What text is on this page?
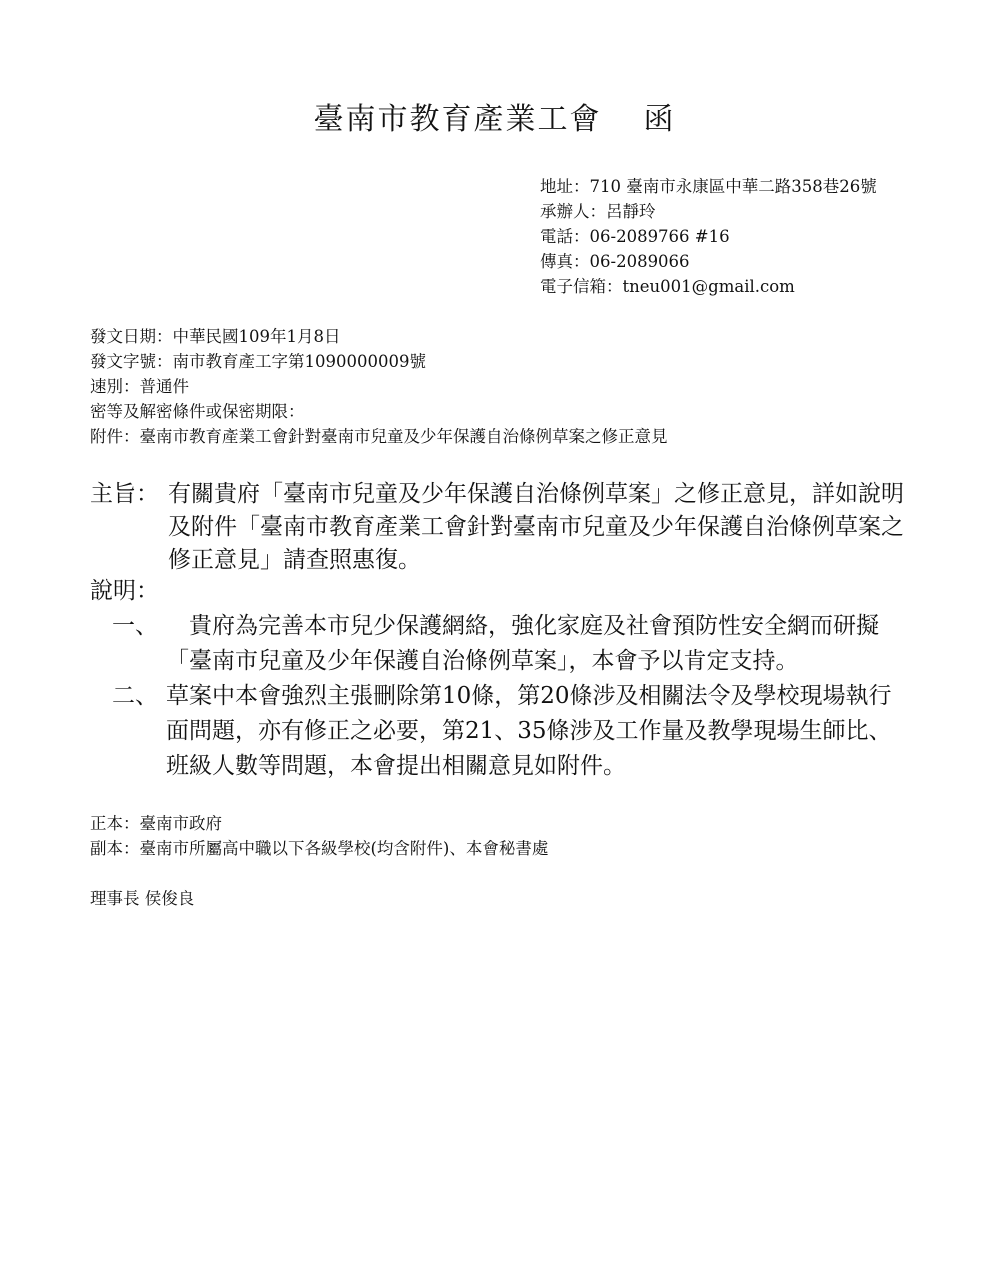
臺南市教育產業工會 函
地址：710 臺南市永康區中華二路358巷26號
承辦人：呂靜玲
電話：06-2089766 #16
傳真：06-2089066
電子信箱：tneu001@gmail.com
發文日期：中華民國109年1月8日
發文字號：南市教育產工字第1090000009號
速別：普通件
密等及解密條件或保密期限：
附件：臺南市教育產業工會針對臺南市兒童及少年保護自治條例草案之修正意見
主旨： 有關貴府「臺南市兒童及少年保護自治條例草案」之修正意見，詳如說明及附件「臺南市教育產業工會針對臺南市兒童及少年保護自治條例草案之修正意見」請查照惠復。
說明：
一、 　貴府為完善本市兒少保護網絡，強化家庭及社會預防性安全網而研擬「臺南市兒童及少年保護自治條例草案」，本會予以肯定支持。
二、 草案中本會強烈主張刪除第10條，第20條涉及相關法令及學校現場執行面問題，亦有修正之必要，第21、35條涉及工作量及教學現場生師比、班級人數等問題，本會提出相關意見如附件。
正本：臺南市政府
副本：臺南市所屬高中職以下各級學校(均含附件)、本會秘書處
理事長 侯俊良
